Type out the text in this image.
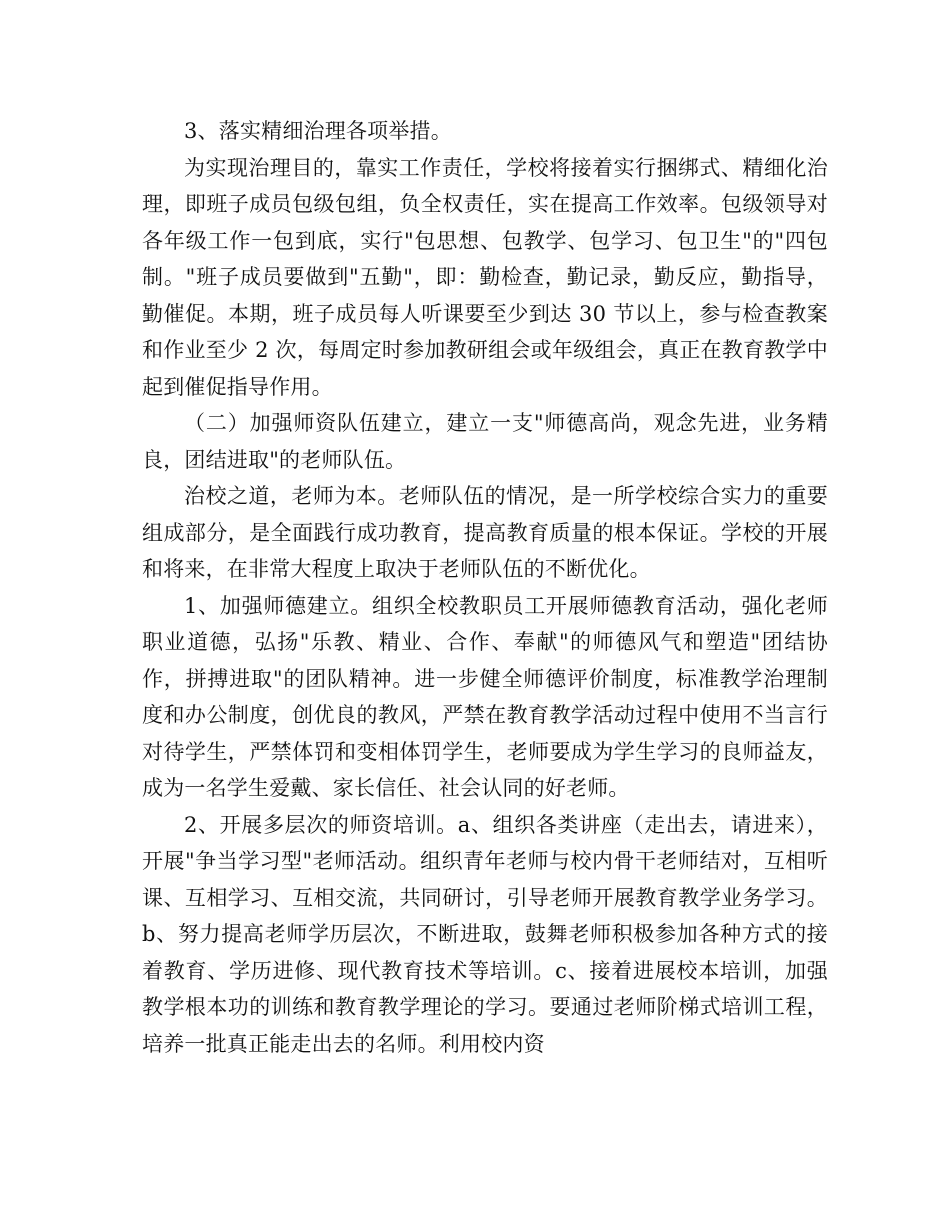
3、落实精细治理各项举措。

为实现治理目的，靠实工作责任，学校将接着实行捆绑式、精细化治理，即班子成员包级包组，负全权责任，实在提高工作效率。包级领导对各年级工作一包到底，实行"包思想、包教学、包学习、包卫生"的"四包制。"班子成员要做到"五勤"，即：勤检查，勤记录，勤反应，勤指导，勤催促。本期，班子成员每人听课要至少到达 30 节以上，参与检查教案和作业至少 2 次，每周定时参加教研组会或年级组会，真正在教育教学中起到催促指导作用。

（二）加强师资队伍建立，建立一支"师德高尚，观念先进，业务精良，团结进取"的老师队伍。

治校之道，老师为本。老师队伍的情况，是一所学校综合实力的重要组成部分，是全面践行成功教育，提高教育质量的根本保证。学校的开展和将来，在非常大程度上取决于老师队伍的不断优化。

1、加强师德建立。组织全校教职员工开展师德教育活动，强化老师职业道德，弘扬"乐教、精业、合作、奉献"的师德风气和塑造"团结协作，拼搏进取"的团队精神。进一步健全师德评价制度，标准教学治理制度和办公制度，创优良的教风，严禁在教育教学活动过程中使用不当言行对待学生，严禁体罚和变相体罚学生，老师要成为学生学习的良师益友，成为一名学生爱戴、家长信任、社会认同的好老师。

2、开展多层次的师资培训。a、组织各类讲座（走出去，请进来），开展"争当学习型"老师活动。组织青年老师与校内骨干老师结对，互相听课、互相学习、互相交流，共同研讨，引导老师开展教育教学业务学习。b、努力提高老师学历层次，不断进取，鼓舞老师积极参加各种方式的接着教育、学历进修、现代教育技术等培训。c、接着进展校本培训，加强教学根本功的训练和教育教学理论的学习。要通过老师阶梯式培训工程，培养一批真正能走出去的名师。利用校内资
